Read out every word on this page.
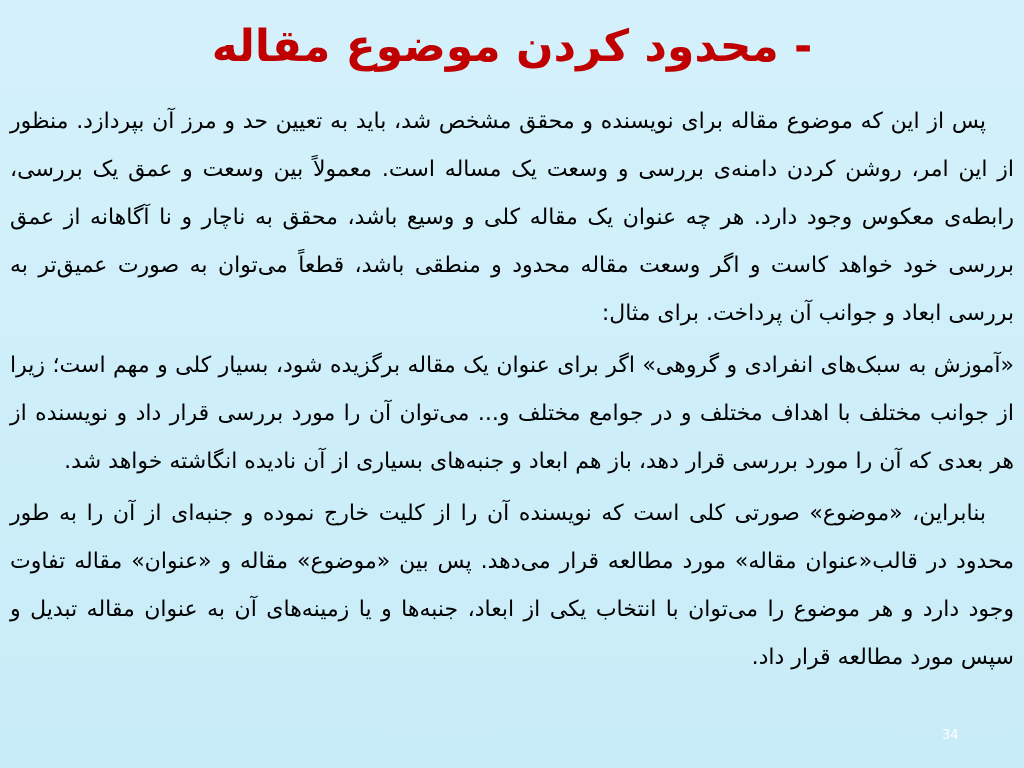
- محدود کردن موضوع مقاله

پس از این که موضوع مقاله برای نویسنده و محقق مشخص شد، باید به تعیین حد و مرز آن بپردازد. منظور از این امر، روشن کردن دامنه‌ی بررسی و وسعت یک مساله است. معمولاً بین وسعت و عمق یک بررسی، رابطه‌ی معکوس وجود دارد. هر چه عنوان یک مقاله کلی و وسیع باشد، محقق به ناچار و نا آگاهانه از عمق بررسی خود خواهد کاست و اگر وسعت مقاله محدود و منطقی باشد، قطعاً می‌توان به صورت عمیق‌تر به بررسی ابعاد و جوانب آن پرداخت. برای مثال:

«آموزش به سبک‌های انفرادی و گروهی» اگر برای عنوان یک مقاله برگزیده شود، بسیار کلی و مهم است؛ زیرا از جوانب مختلف با اهداف مختلف و در جوامع مختلف و... می‌توان آن را مورد بررسی قرار داد و نویسنده از هر بعدی که آن را مورد بررسی قرار دهد، باز هم ابعاد و جنبه‌های بسیاری از آن نادیده انگاشته خواهد شد.

بنابراین، «موضوع» صورتی کلی است که نویسنده آن را از کلیت خارج نموده و جنبه‌ای از آن را به طور محدود در قالب«عنوان مقاله» مورد مطالعه قرار می‌دهد. پس بین «موضوع» مقاله و «عنوان» مقاله تفاوت وجود دارد و هر موضوع را می‌توان با انتخاب یکی از ابعاد، جنبه‌ها و یا زمینه‌های آن به عنوان مقاله تبدیل و سپس مورد مطالعه قرار داد.

34
